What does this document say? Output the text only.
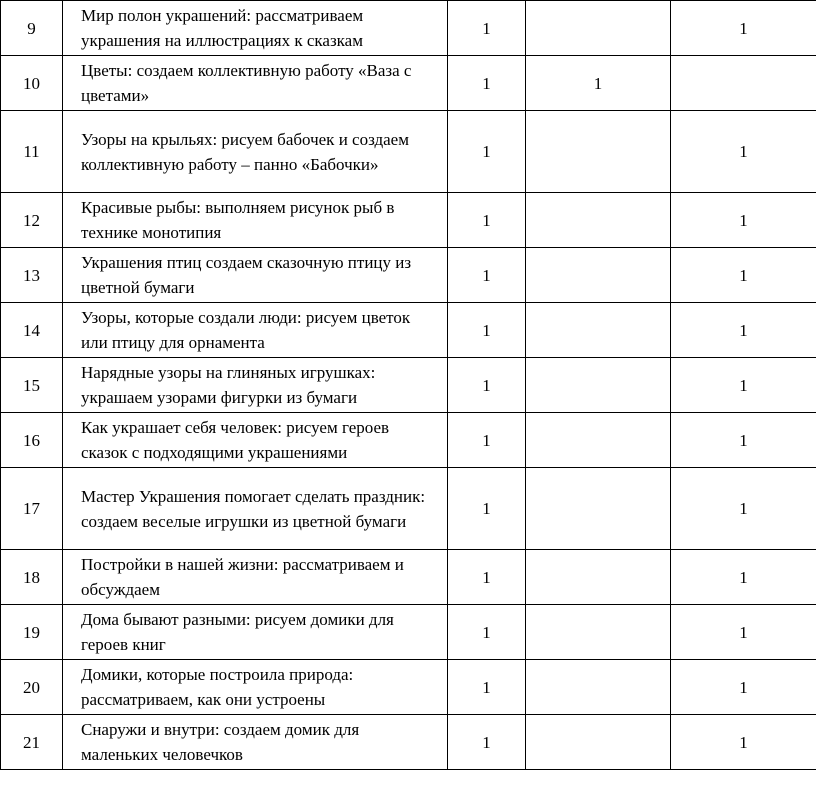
9	Мир полон украшений: рассматриваем украшения на иллюстрациях к сказкам	1		1
10	Цветы: создаем коллективную работу «Ваза с цветами»	1	1	
11	Узоры на крыльях: рисуем бабочек и создаем коллективную работу – панно «Бабочки»	1		1
12	Красивые рыбы: выполняем рисунок рыб в технике монотипия	1		1
13	Украшения птиц создаем сказочную птицу из цветной бумаги	1		1
14	Узоры, которые создали люди: рисуем цветок или птицу для орнамента	1		1
15	Нарядные узоры на глиняных игрушках: украшаем узорами фигурки из бумаги	1		1
16	Как украшает себя человек: рисуем героев сказок с подходящими украшениями	1		1
17	Мастер Украшения помогает сделать праздник: создаем веселые игрушки из цветной бумаги	1		1
18	Постройки в нашей жизни: рассматриваем и обсуждаем	1		1
19	Дома бывают разными: рисуем домики для героев книг	1		1
20	Домики, которые построила природа: рассматриваем, как они устроены	1		1
21	Снаружи и внутри: создаем домик для маленьких человечков	1		1
